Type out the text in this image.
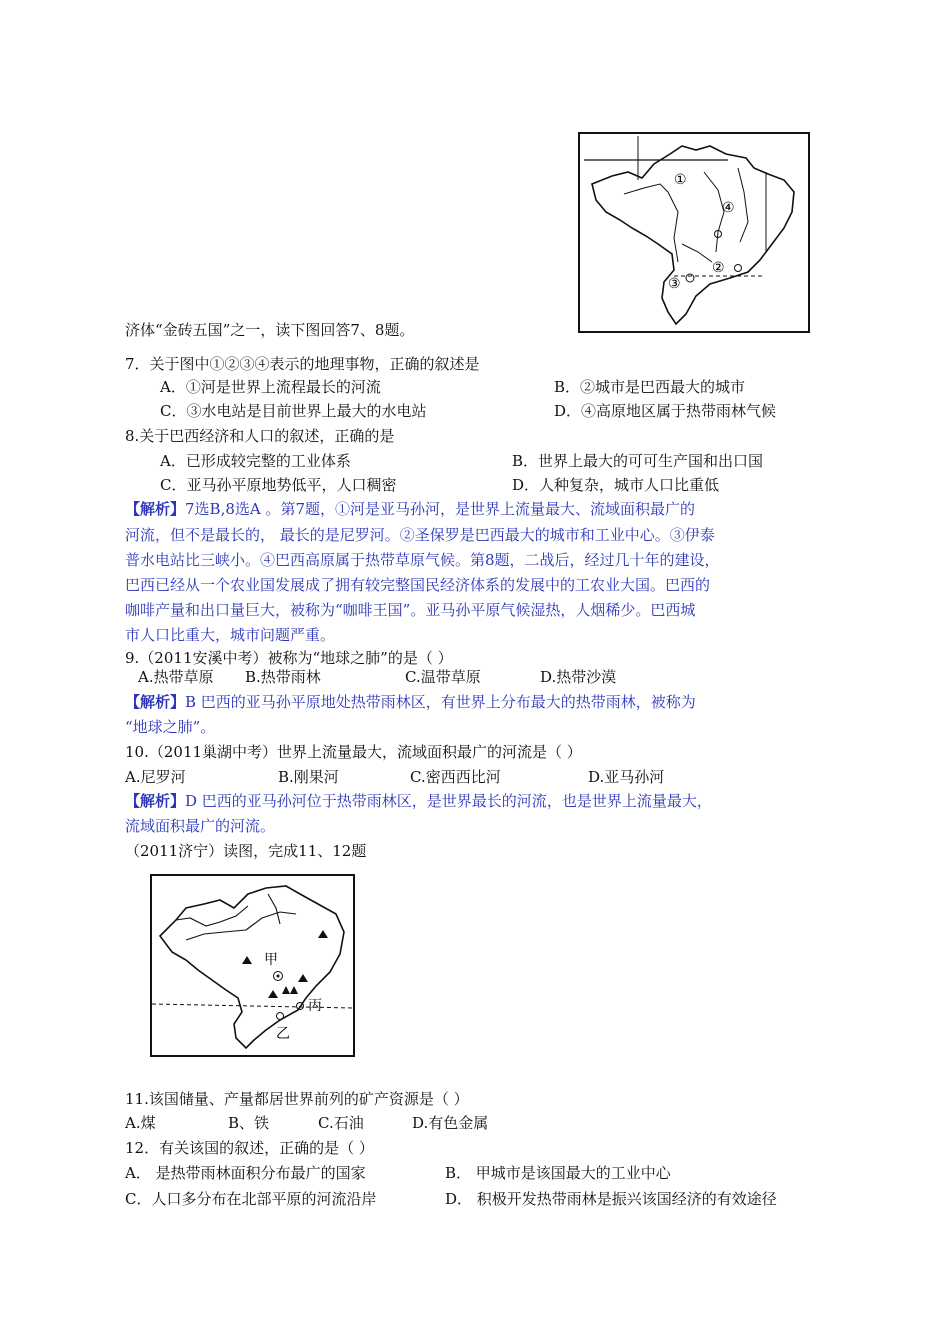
①
④
②
③
济体“金砖五国”之一，读下图回答7、8题。
7．关于图中①②③④表示的地理事物，正确的叙述是
A．①河是世界上流程最长的河流	B．②城市是巴西最大的城市
C．③水电站是目前世界上最大的水电站	D．④高原地区属于热带雨林气候
8.关于巴西经济和人口的叙述，正确的是
A．已形成较完整的工业体系	B．世界上最大的可可生产国和出口国
C．亚马孙平原地势低平，人口稠密	D．人种复杂，城市人口比重低
【解析】7选B,8选A 。第7题，①河是亚马孙河，是世界上流量最大、流域面积最广的
河流，但不是最长的， 最长的是尼罗河。②圣保罗是巴西最大的城市和工业中心。③伊泰
普水电站比三峡小。④巴西高原属于热带草原气候。第8题，二战后，经过几十年的建设，
巴西已经从一个农业国发展成了拥有较完整国民经济体系的发展中的工农业大国。巴西的
咖啡产量和出口量巨大，被称为“咖啡王国”。亚马孙平原气候湿热，人烟稀少。巴西城
市人口比重大，城市问题严重。
9.（2011安溪中考）被称为“地球之肺”的是（ ）
A.热带草原 B.热带雨林	C.温带草原	D.热带沙漠
【解析】B 巴西的亚马孙平原地处热带雨林区，有世界上分布最大的热带雨林，被称为
“地球之肺”。
10.（2011巢湖中考）世界上流量最大，流域面积最广的河流是（ ）
A.尼罗河	B.刚果河	C.密西西比河	D.亚马孙河
【解析】D 巴西的亚马孙河位于热带雨林区，是世界最长的河流，也是世界上流量最大，
流域面积最广的河流。
（2011济宁）读图，完成11、12题
甲
丙
乙
11.该国储量、产量都居世界前列的矿产资源是（ ）
A.煤	B、铁	C.石油	D.有色金属
12．有关该国的叙述，正确的是（ ）
A． 是热带雨林面积分布最广的国家	B． 甲城市是该国最大的工业中心
C．人口多分布在北部平原的河流沿岸	D． 积极开发热带雨林是振兴该国经济的有效途径
